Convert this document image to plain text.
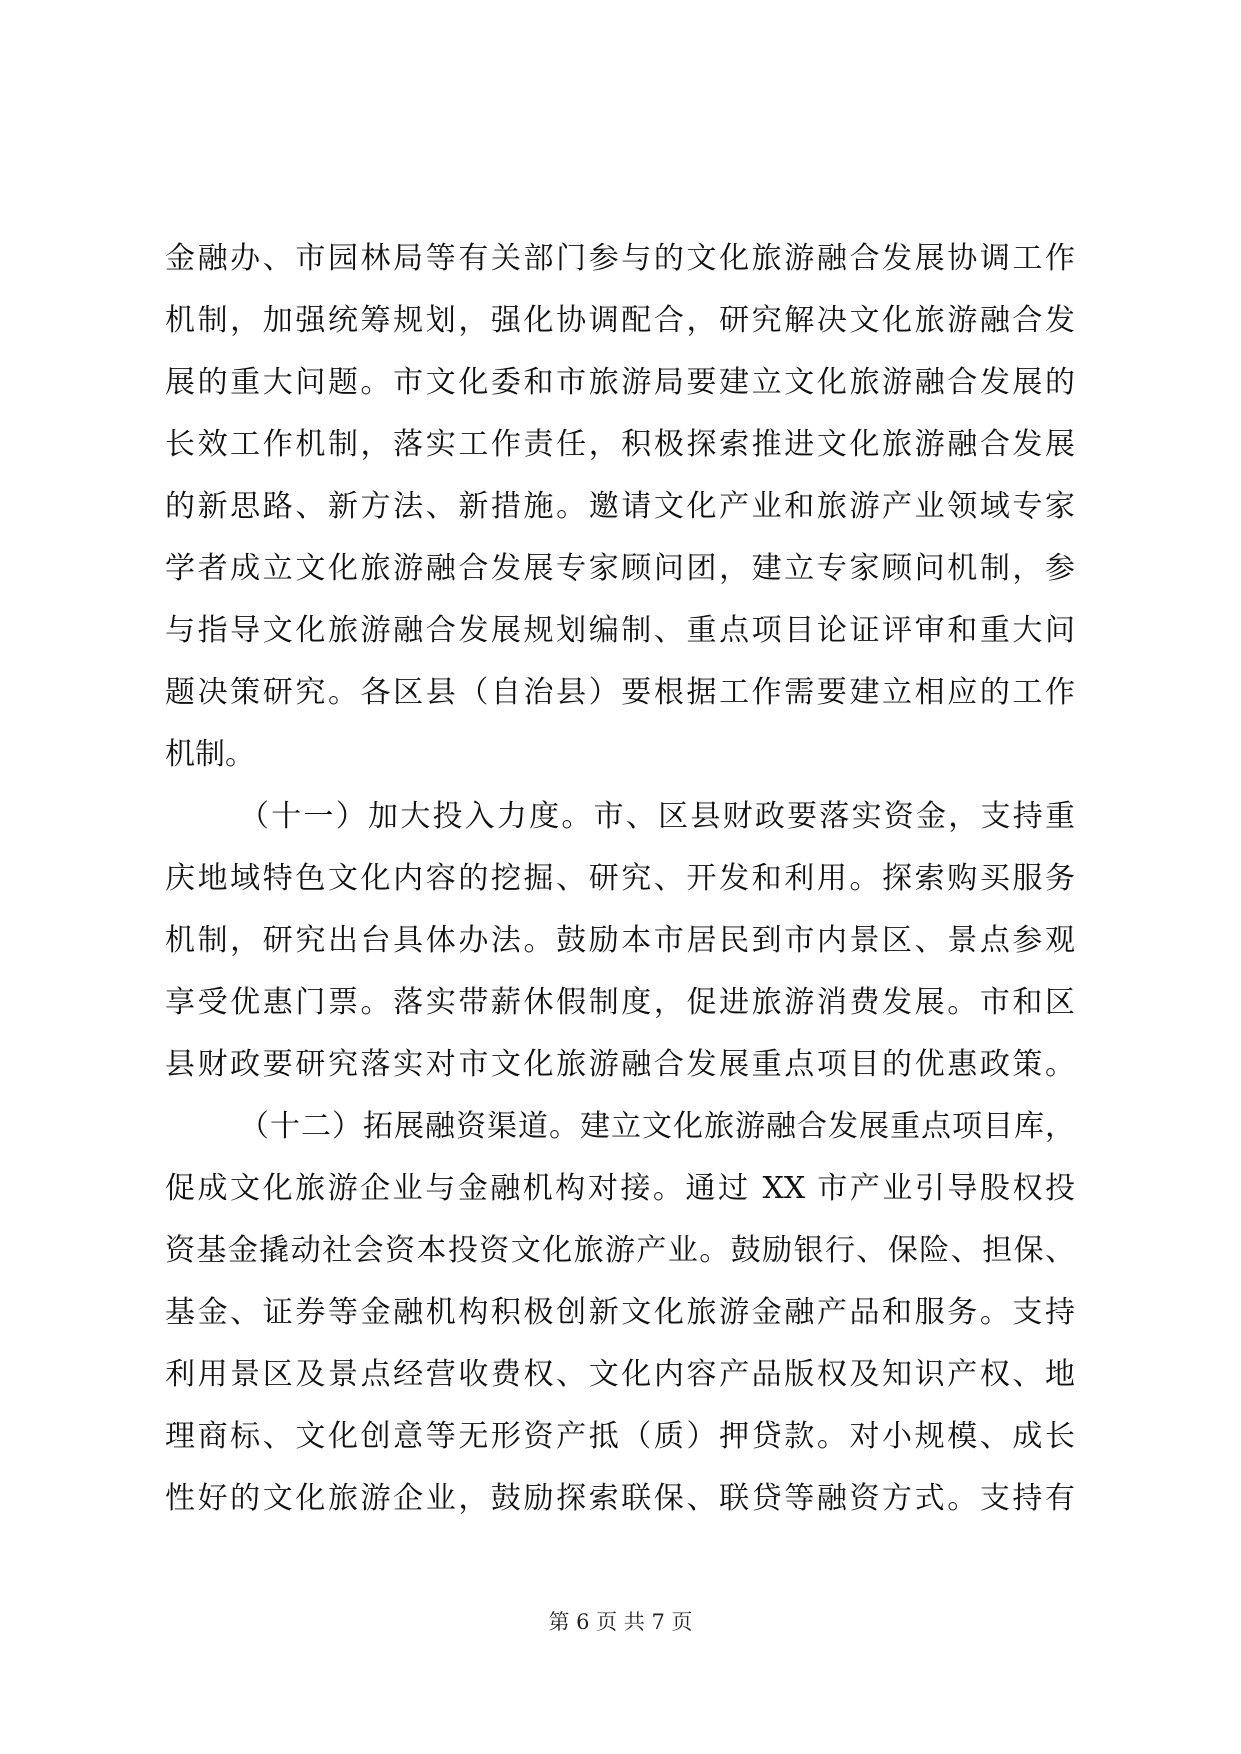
金融办、市园林局等有关部门参与的文化旅游融合发展协调工作
机制，加强统筹规划，强化协调配合，研究解决文化旅游融合发
展的重大问题。市文化委和市旅游局要建立文化旅游融合发展的
长效工作机制，落实工作责任，积极探索推进文化旅游融合发展
的新思路、新方法、新措施。邀请文化产业和旅游产业领域专家
学者成立文化旅游融合发展专家顾问团，建立专家顾问机制，参
与指导文化旅游融合发展规划编制、重点项目论证评审和重大问
题决策研究。各区县（自治县）要根据工作需要建立相应的工作
机制。
（十一）加大投入力度。市、区县财政要落实资金，支持重
庆地域特色文化内容的挖掘、研究、开发和利用。探索购买服务
机制，研究出台具体办法。鼓励本市居民到市内景区、景点参观
享受优惠门票。落实带薪休假制度，促进旅游消费发展。市和区
县财政要研究落实对市文化旅游融合发展重点项目的优惠政策。
（十二）拓展融资渠道。建立文化旅游融合发展重点项目库，
促成文化旅游企业与金融机构对接。通过 XX 市产业引导股权投
资基金撬动社会资本投资文化旅游产业。鼓励银行、保险、担保、
基金、证券等金融机构积极创新文化旅游金融产品和服务。支持
利用景区及景点经营收费权、文化内容产品版权及知识产权、地
理商标、文化创意等无形资产抵（质）押贷款。对小规模、成长
性好的文化旅游企业，鼓励探索联保、联贷等融资方式。支持有
第 6 页 共 7 页
